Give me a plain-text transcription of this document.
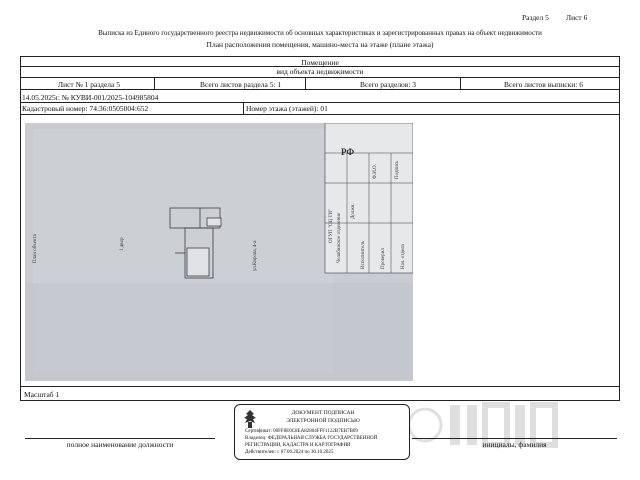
Раздел 5 Лист 6
Выписка из Единого государственного реестра недвижимости об основных характеристиках и зарегистрированных правах на объект недвижимости
План расположения помещения, машино-места на этаже (плане этажа)
Помещение
вид объекта недвижимости
Лист № 1 раздела 5	Всего листов раздела 5: 1	Всего разделов: 3	Всего листов выписки: 6
14.05.2025г. № КУВИ-001/2025-104985804
Кадастровый номер: 74:36:0505004:652	Номер этажа (этажей): 01
План объекта	1 двор	ул.Кирова, 4-а
РФ
ОГУП "ОЦ ТИ" Челябинское отделение
Должн.
Ф.И.О.	Подпись
Исполнитель	Проверил	Нач. отдела
Масштаб 1
полное наименование должности	инициалы, фамилия
ДОКУМЕНТ ПОДПИСАН
ЭЛЕКТРОННОЙ ПОДПИСЬЮ
Сертификат: 00FF8E0C8EA82804FFF1122B7EB7B09
Владелец: ФЕДЕРАЛЬНАЯ СЛУЖБА ГОСУДАРСТВЕННОЙ
РЕГИСТРАЦИИ, КАДАСТРА И КАРТОГРАФИИ
Действителен: с 07.06.2024 по 30.10.2025
